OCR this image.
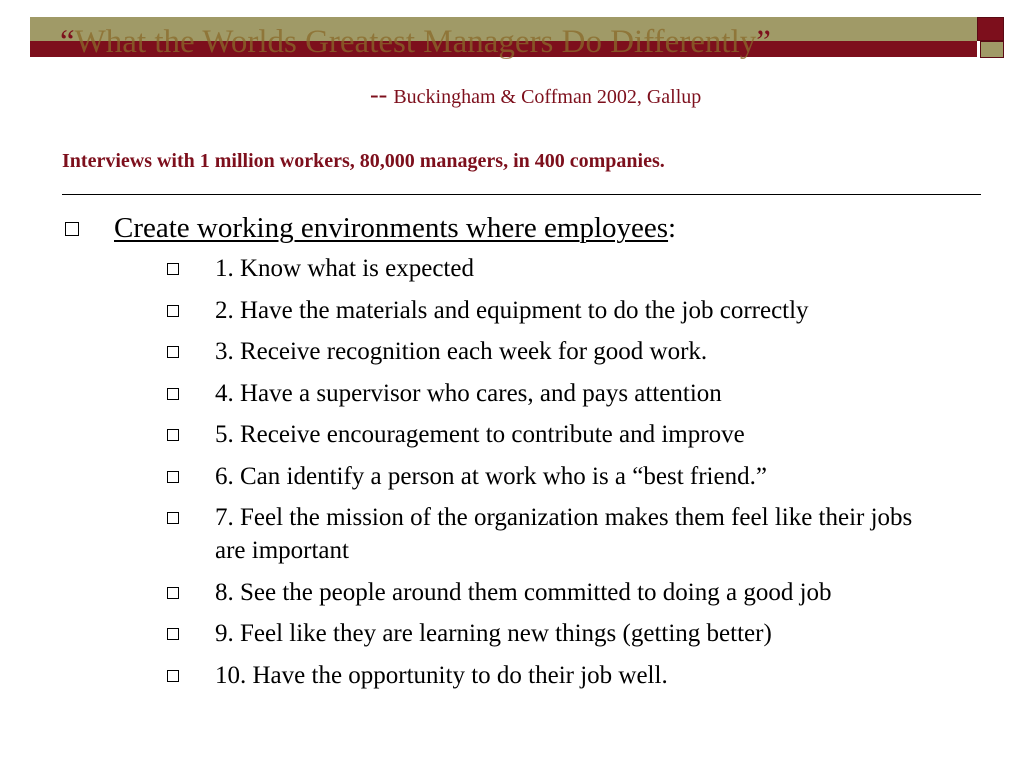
“What the Worlds Greatest Managers Do Differently”
-- Buckingham & Coffman 2002, Gallup
Interviews with 1 million workers, 80,000 managers, in 400 companies.
Create working environments where employees:
1. Know what is expected
2. Have the materials and equipment to do the job correctly
3. Receive recognition each week for good work.
4. Have a supervisor who cares, and pays attention
5. Receive encouragement to contribute and improve
6. Can identify a person at work who is a “best friend.”
7. Feel the mission of the organization makes them feel like their jobs are important
8. See the people around them committed to doing a good job
9. Feel like they are learning new things (getting better)
10. Have the opportunity to do their job well.
